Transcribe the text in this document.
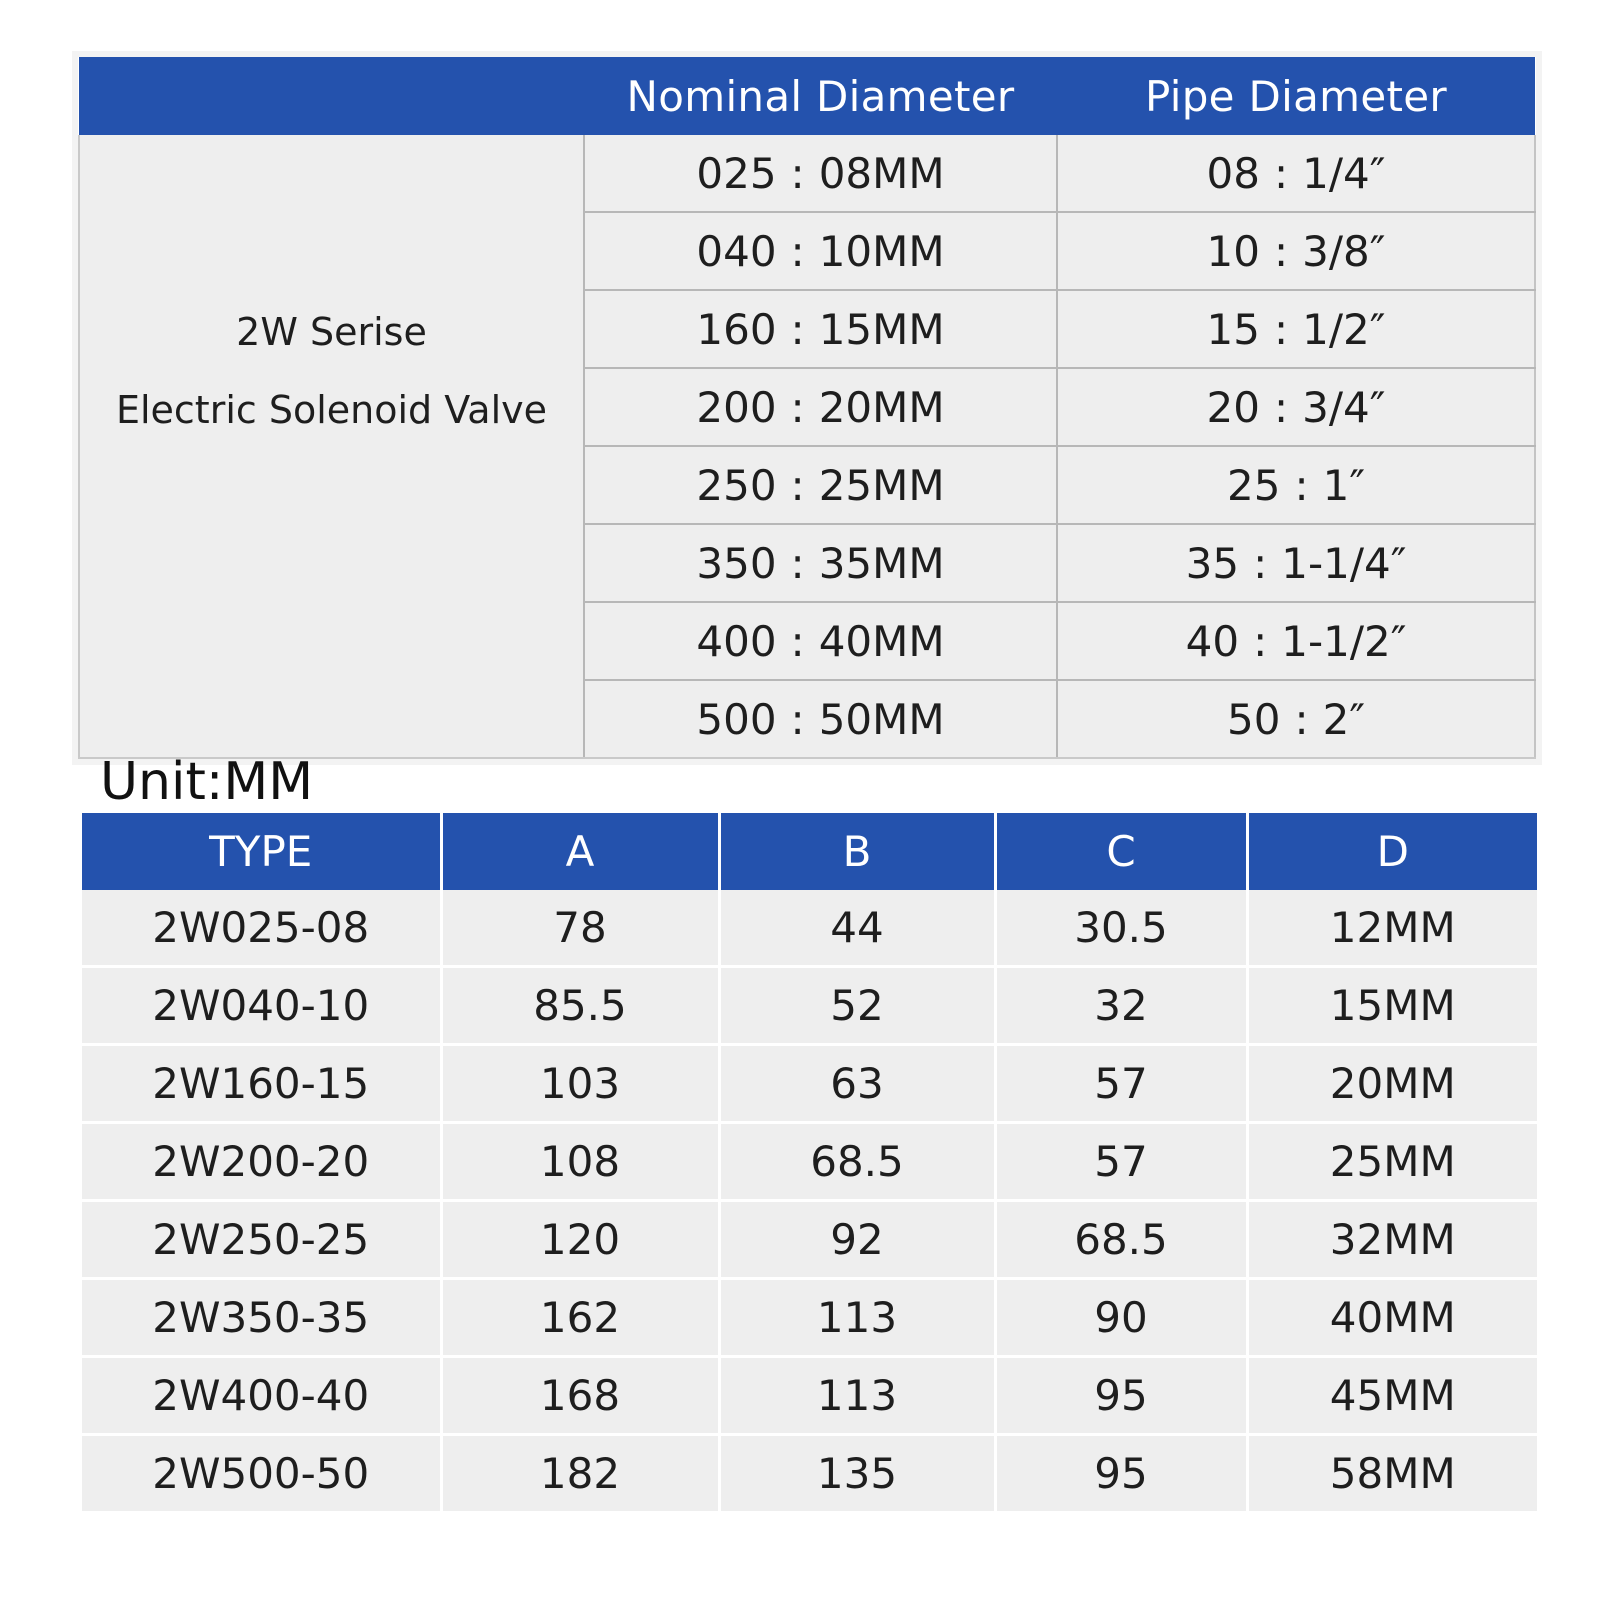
	Nominal Diameter	Pipe Diameter

2W Serise
Electric Solenoid Valve	025 : 08MM	08 : 1/4″
	040 : 10MM	10 : 3/8″
	160 : 15MM	15 : 1/2″
	200 : 20MM	20 : 3/4″
	250 : 25MM	25 : 1″
	350 : 35MM	35 : 1-1/4″
	400 : 40MM	40 : 1-1/2″
	500 : 50MM	50 : 2″
Unit:MM
TYPE	A	B	C	D
2W025-08	78	44	30.5	12MM
2W040-10	85.5	52	32	15MM
2W160-15	103	63	57	20MM
2W200-20	108	68.5	57	25MM
2W250-25	120	92	68.5	32MM
2W350-35	162	113	90	40MM
2W400-40	168	113	95	45MM
2W500-50	182	135	95	58MM
